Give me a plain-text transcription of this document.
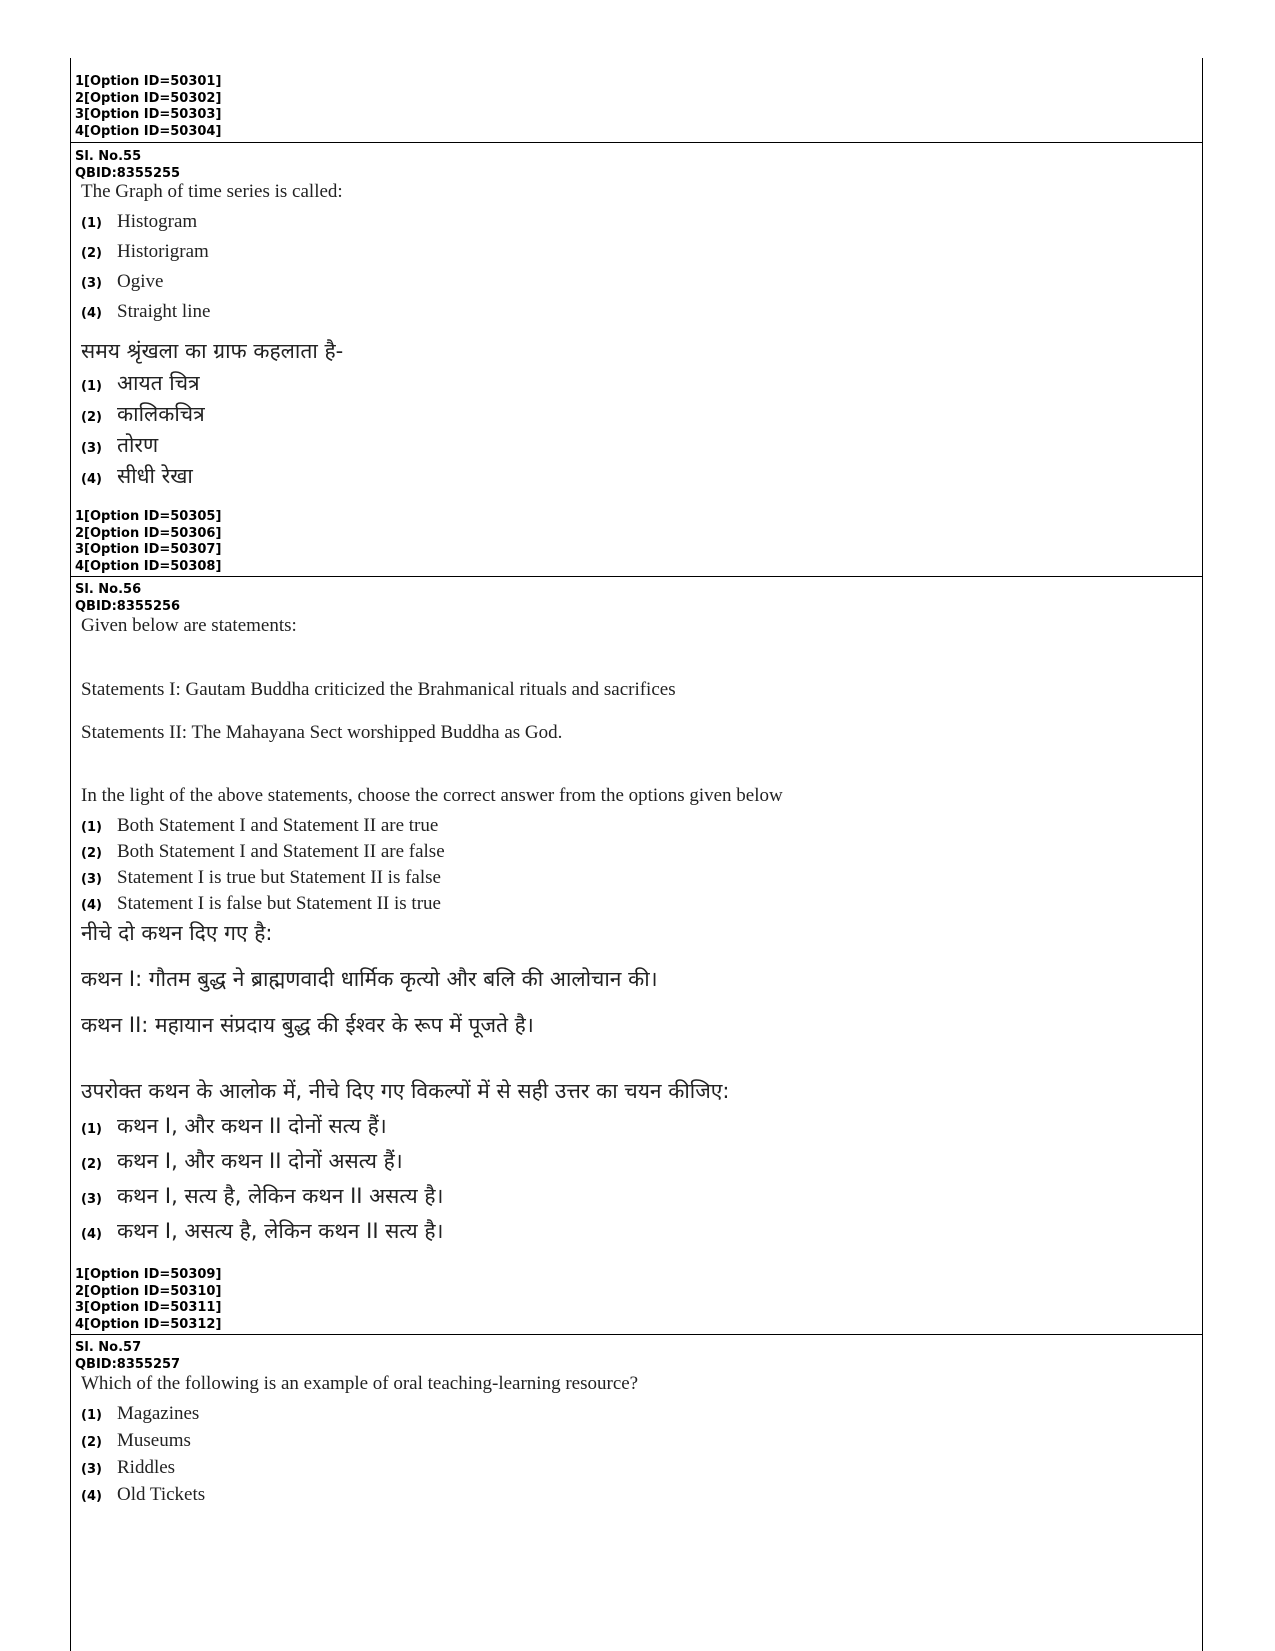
1[Option ID=50301]
2[Option ID=50302]
3[Option ID=50303]
4[Option ID=50304]
Sl. No.55
QBID:8355255
The Graph of time series is called:
(1) Histogram
(2) Historigram
(3) Ogive
(4) Straight line
समय श्रृंखला का ग्राफ कहलाता है-
(1) आयत चित्र
(2) कालिकचित्र
(3) तोरण
(4) सीधी रेखा
1[Option ID=50305]
2[Option ID=50306]
3[Option ID=50307]
4[Option ID=50308]
Sl. No.56
QBID:8355256
Given below are statements:
Statements I: Gautam Buddha criticized the Brahmanical rituals and sacrifices
Statements II: The Mahayana Sect worshipped Buddha as God.
In the light of the above statements, choose the correct answer from the options given below
(1) Both Statement I and Statement II are true
(2) Both Statement I and Statement II are false
(3) Statement I is true but Statement II is false
(4) Statement I is false but Statement II is true
नीचे दो कथन दिए गए है:
कथन I: गौतम बुद्ध ने ब्राह्मणवादी धार्मिक कृत्यो और बलि की आलोचान की।
कथन II: महायान संप्रदाय बुद्ध की ईश्वर के रूप में पूजते है।
उपरोक्त कथन के आलोक में, नीचे दिए गए विकल्पों में से सही उत्तर का चयन कीजिए:
(1) कथन I, और कथन II दोनों सत्य हैं।
(2) कथन I, और कथन II दोनों असत्य हैं।
(3) कथन I, सत्य है, लेकिन कथन II असत्य है।
(4) कथन I, असत्य है, लेकिन कथन II सत्य है।
1[Option ID=50309]
2[Option ID=50310]
3[Option ID=50311]
4[Option ID=50312]
Sl. No.57
QBID:8355257
Which of the following is an example of oral teaching-learning resource?
(1) Magazines
(2) Museums
(3) Riddles
(4) Old Tickets
